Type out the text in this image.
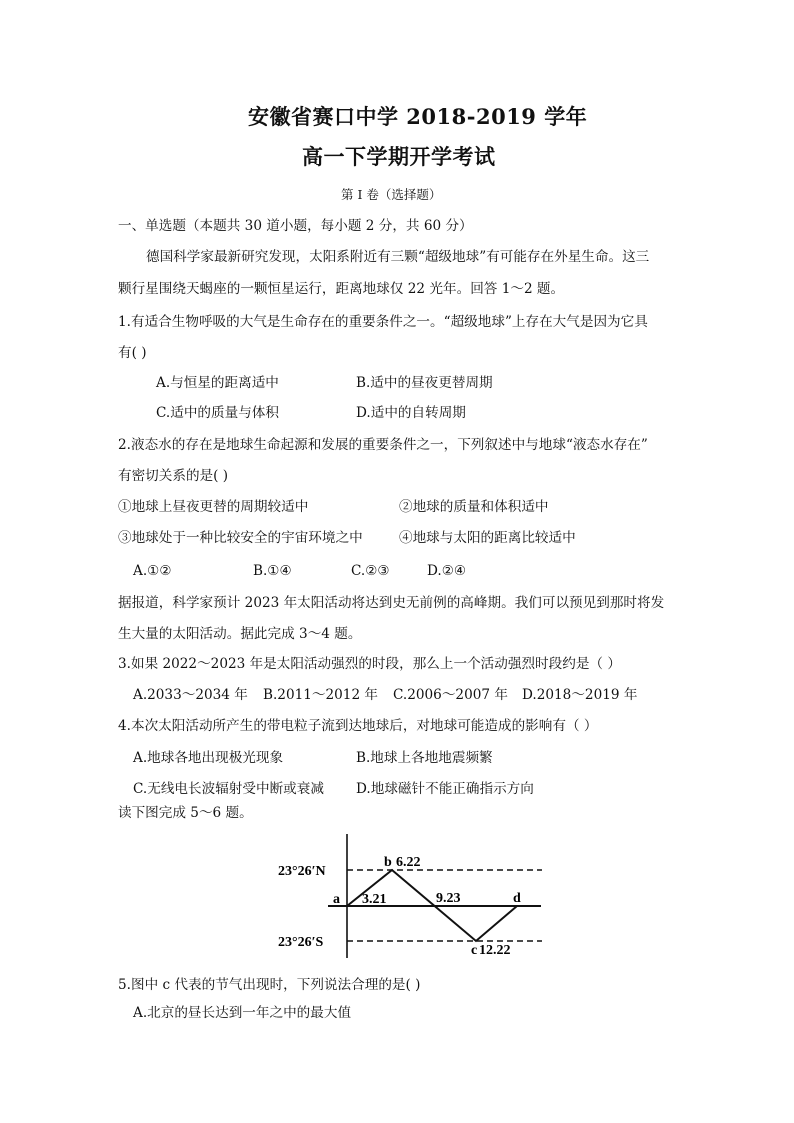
安徽省赛口中学 2018-2019 学年
高一下学期开学考试
第 I 卷（选择题）
一、单选题（本题共 30 道小题，每小题 2 分，共 60 分）
德国科学家最新研究发现，太阳系附近有三颗“超级地球”有可能存在外星生命。这三
颗行星围绕天蝎座的一颗恒星运行，距离地球仅 22 光年。回答 1～2 题。
1.有适合生物呼吸的大气是生命存在的重要条件之一。“超级地球”上存在大气是因为它具
有( )
A.与恒星的距离适中	B.适中的昼夜更替周期
C.适中的质量与体积	D.适中的自转周期
2.液态水的存在是地球生命起源和发展的重要条件之一，下列叙述中与地球“液态水存在”
有密切关系的是( )
①地球上昼夜更替的周期较适中	②地球的质量和体积适中
③地球处于一种比较安全的宇宙环境之中	④地球与太阳的距离比较适中
A.①②	B.①④	C.②③	D.②④
据报道，科学家预计 2023 年太阳活动将达到史无前例的高峰期。我们可以预见到那时将发
生大量的太阳活动。据此完成 3～4 题。
3.如果 2022～2023 年是太阳活动强烈的时段，那么上一个活动强烈时段约是（ ）
A.2033～2034 年 B.2011～2012 年 C.2006～2007 年 D.2018～2019 年
4.本次太阳活动所产生的带电粒子流到达地球后，对地球可能造成的影响有（ ）
A.地球各地出现极光现象	B.地球上各地地震频繁
C.无线电长波辐射受中断或衰减 D.地球磁针不能正确指示方向
读下图完成 5～6 题。
23°26′N
23°26′S
a
b
c
d
3.21
6.22
9.23
12.22
5.图中 c 代表的节气出现时，下列说法合理的是( )
A.北京的昼长达到一年之中的最大值
